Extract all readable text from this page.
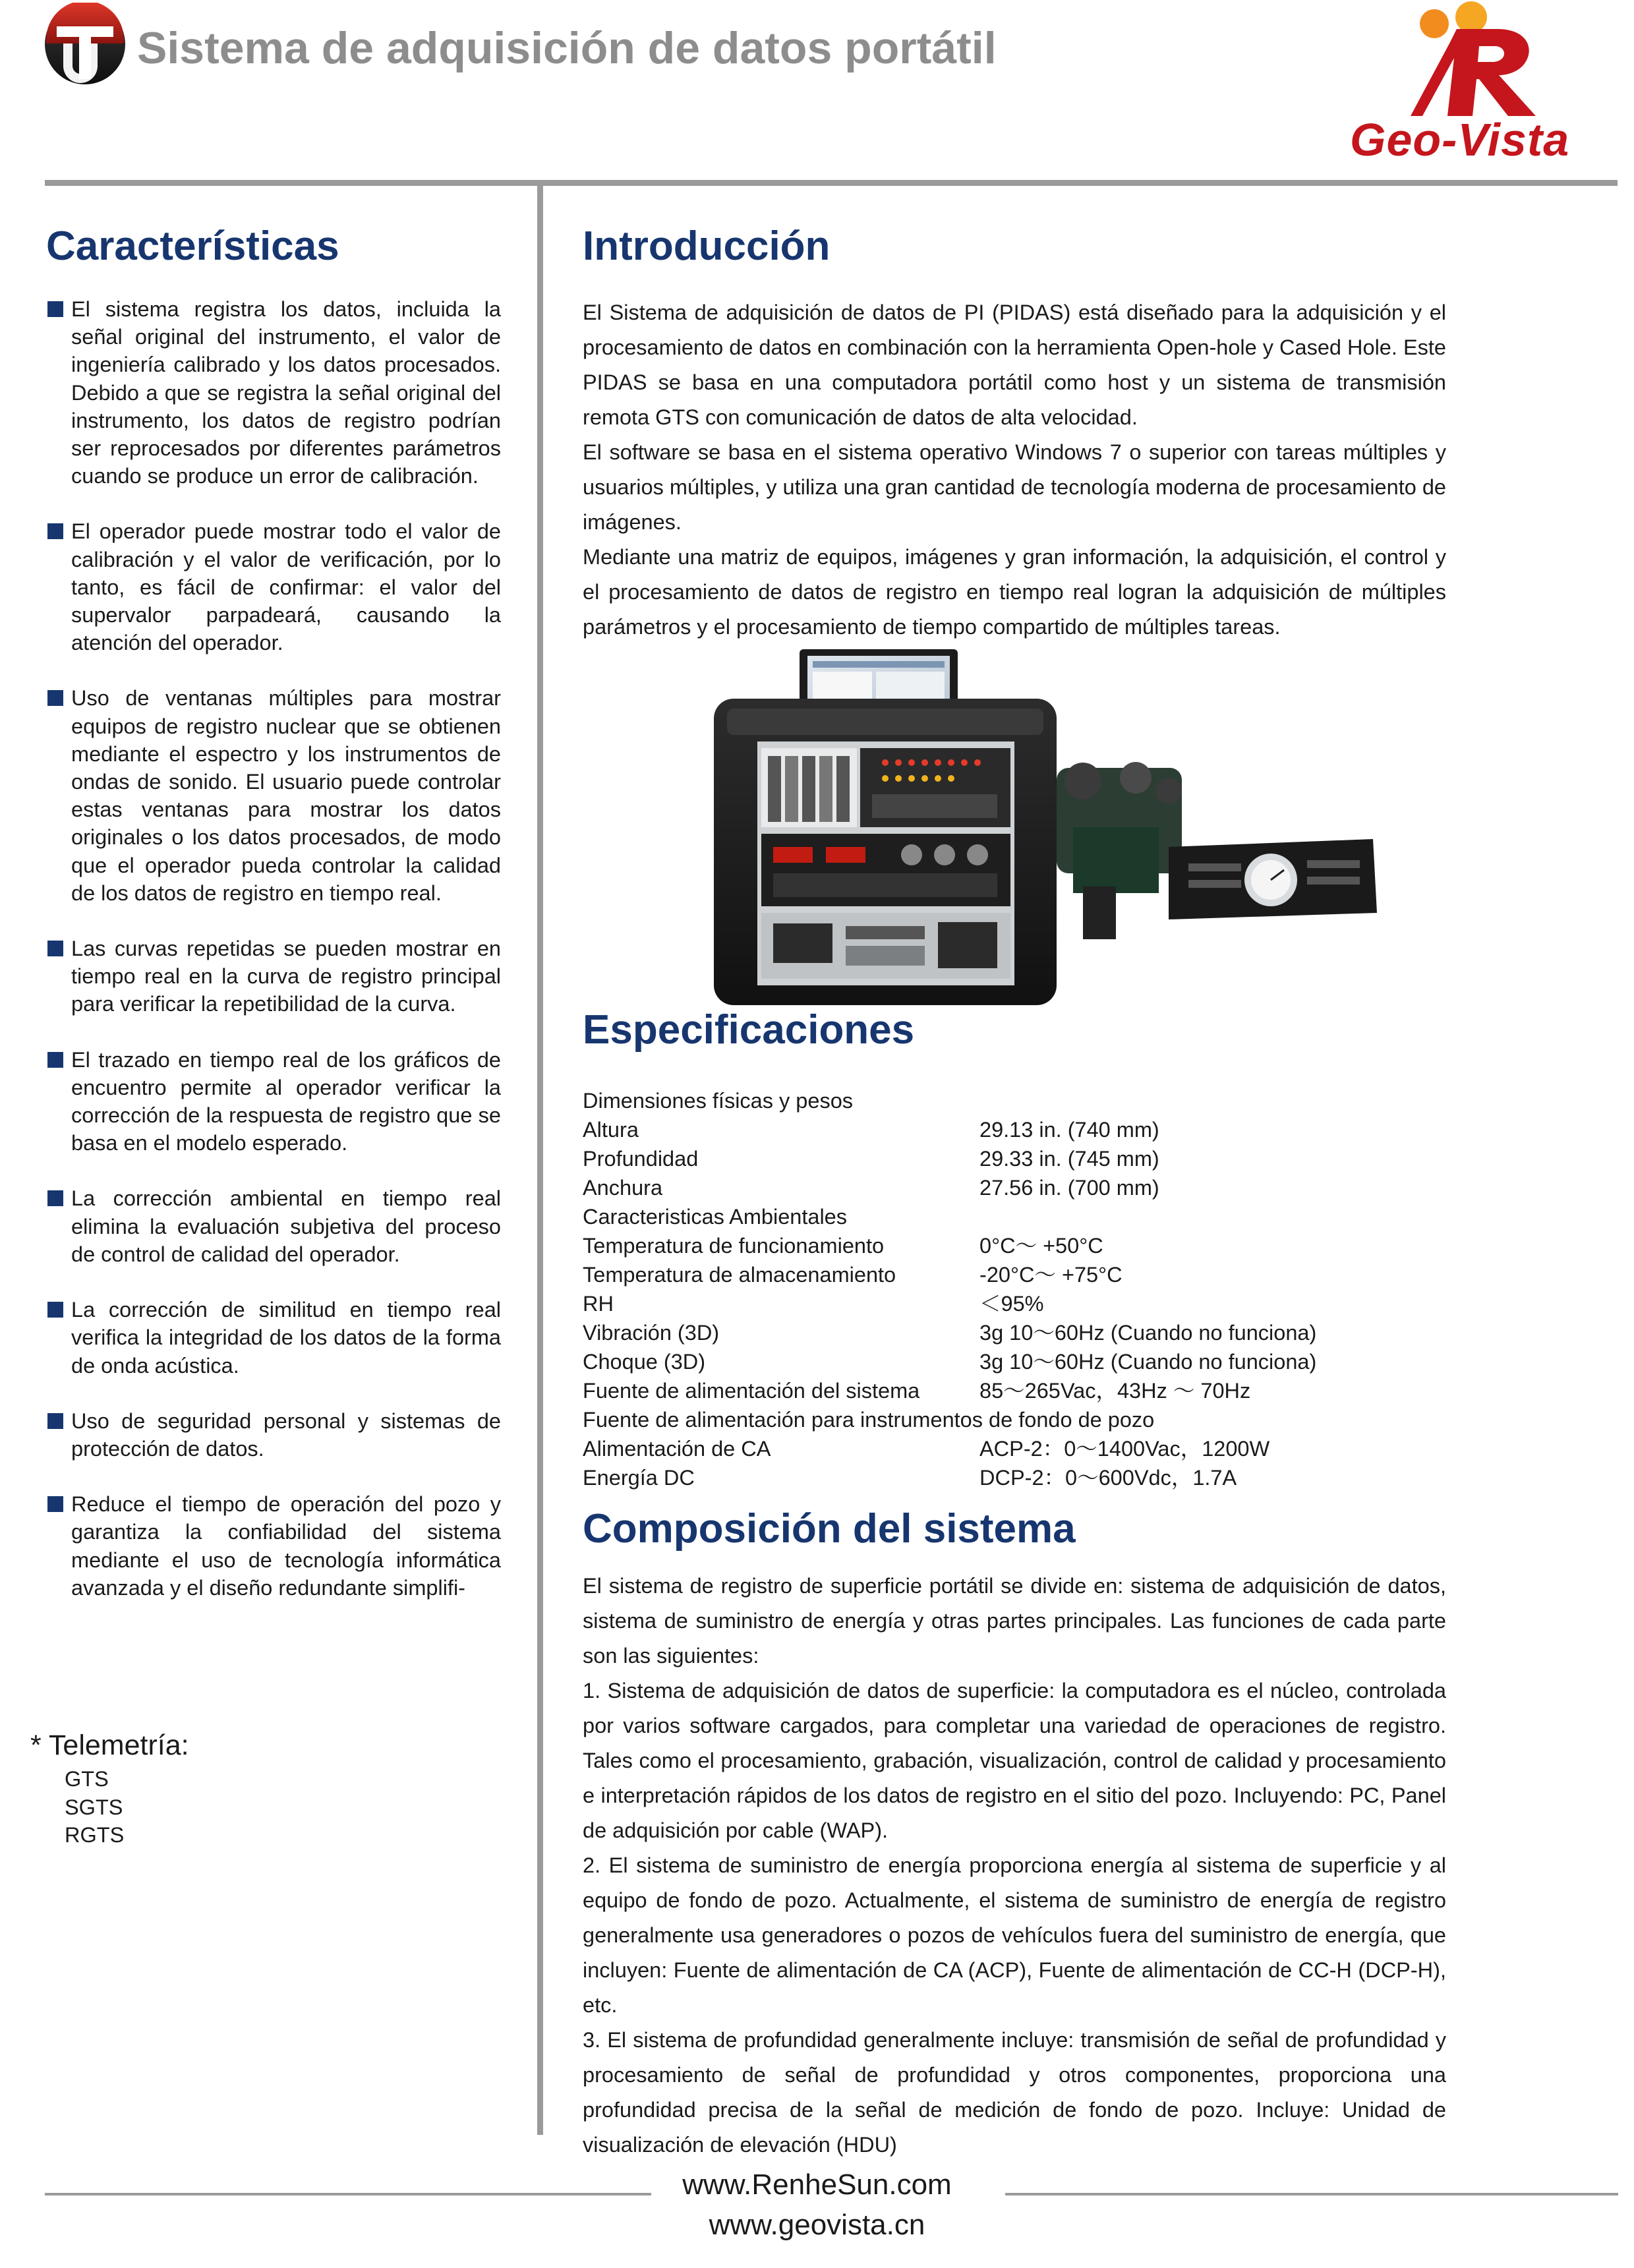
Sistema de adquisición de datos portátil
Geo-Vista
Características
El sistema registra los datos, incluida la señal original del instrumento, el valor de ingeniería calibrado y los datos procesados. Debido a que se registra la señal original del instrumento, los datos de registro podrían ser reprocesados por diferentes parámetros cuando se produce un error de calibración.
El operador puede mostrar todo el valor de calibración y el valor de verificación, por lo tanto, es fácil de confirmar: el valor del supervalor parpadeará, causando la atención del operador.
Uso de ventanas múltiples para mostrar equipos de registro nuclear que se obtienen mediante el espectro y los instrumentos de ondas de sonido. El usuario puede controlar estas ventanas para mostrar los datos originales o los datos procesados, de modo que el operador pueda controlar la calidad de los datos de registro en tiempo real.
Las curvas repetidas se pueden mostrar en tiempo real en la curva de registro principal para verificar la repetibilidad de la curva.
El trazado en tiempo real de los gráficos de encuentro permite al operador verificar la corrección de la respuesta de registro que se basa en el modelo esperado.
La corrección ambiental en tiempo real elimina la evaluación subjetiva del proceso de control de calidad del operador.
La corrección de similitud en tiempo real verifica la integridad de los datos de la forma de onda acústica.
Uso de seguridad personal y sistemas de protección de datos.
Reduce el tiempo de operación del pozo y garantiza la confiabilidad del sistema mediante el uso de tecnología informática avanzada y el diseño redundante simplifi-
* Telemetría:
GTS
SGTS
RGTS
Introducción

El Sistema de adquisición de datos de PI (PIDAS) está diseñado para la adquisición y el procesamiento de datos en combinación con la herramienta Open-hole y Cased Hole. Este PIDAS se basa en una computadora portátil como host y un sistema de transmisión remota GTS con comunicación de datos de alta velocidad.

El software se basa en el sistema operativo Windows 7 o superior con tareas múltiples y usuarios múltiples, y utiliza una gran cantidad de tecnología moderna de procesamiento de imágenes.

Mediante una matriz de equipos, imágenes y gran información, la adquisición, el control y el procesamiento de datos de registro en tiempo real logran la adquisición de múltiples parámetros y el procesamiento de tiempo compartido de múltiples tareas.

Especificaciones
Dimensiones físicas y pesos
Altura	29.13 in. (740 mm)
Profundidad	29.33 in. (745 mm)
Anchura	27.56 in. (700 mm)
Caracteristicas Ambientales
Temperatura de funcionamiento	0°C～ +50°C
Temperatura de almacenamiento	-20°C～ +75°C
RH	＜95%
Vibración (3D)	3g 10～60Hz (Cuando no funciona)
Choque (3D)	3g 10～60Hz (Cuando no funciona)
Fuente de alimentación del sistema	85～265Vac，43Hz ～ 70Hz
Fuente de alimentación para instrumentos de fondo de pozo
Alimentación de CA	ACP-2：0～1400Vac，1200W
Energía DC	DCP-2：0～600Vdc，1.7A
Composición del sistema

El sistema de registro de superficie portátil se divide en: sistema de adquisición de datos, sistema de suministro de energía y otras partes principales. Las funciones de cada parte son las siguientes:

1. Sistema de adquisición de datos de superficie: la computadora es el núcleo, controlada por varios software cargados, para completar una variedad de operaciones de registro. Tales como el procesamiento, grabación, visualización, control de calidad y procesamiento e interpretación rápidos de los datos de registro en el sitio del pozo. Incluyendo: PC, Panel de adquisición por cable (WAP).

2. El sistema de suministro de energía proporciona energía al sistema de superficie y al equipo de fondo de pozo. Actualmente, el sistema de suministro de energía de registro generalmente usa generadores o pozos de vehículos fuera del suministro de energía, que incluyen: Fuente de alimentación de CA (ACP), Fuente de alimentación de CC-H (DCP-H), etc.

3. El sistema de profundidad generalmente incluye: transmisión de señal de profundidad y procesamiento de señal de profundidad y otros componentes, proporciona una profundidad precisa de la señal de medición de fondo de pozo. Incluye: Unidad de visualización de elevación (HDU)

www.RenheSun.com
www.geovista.cn
